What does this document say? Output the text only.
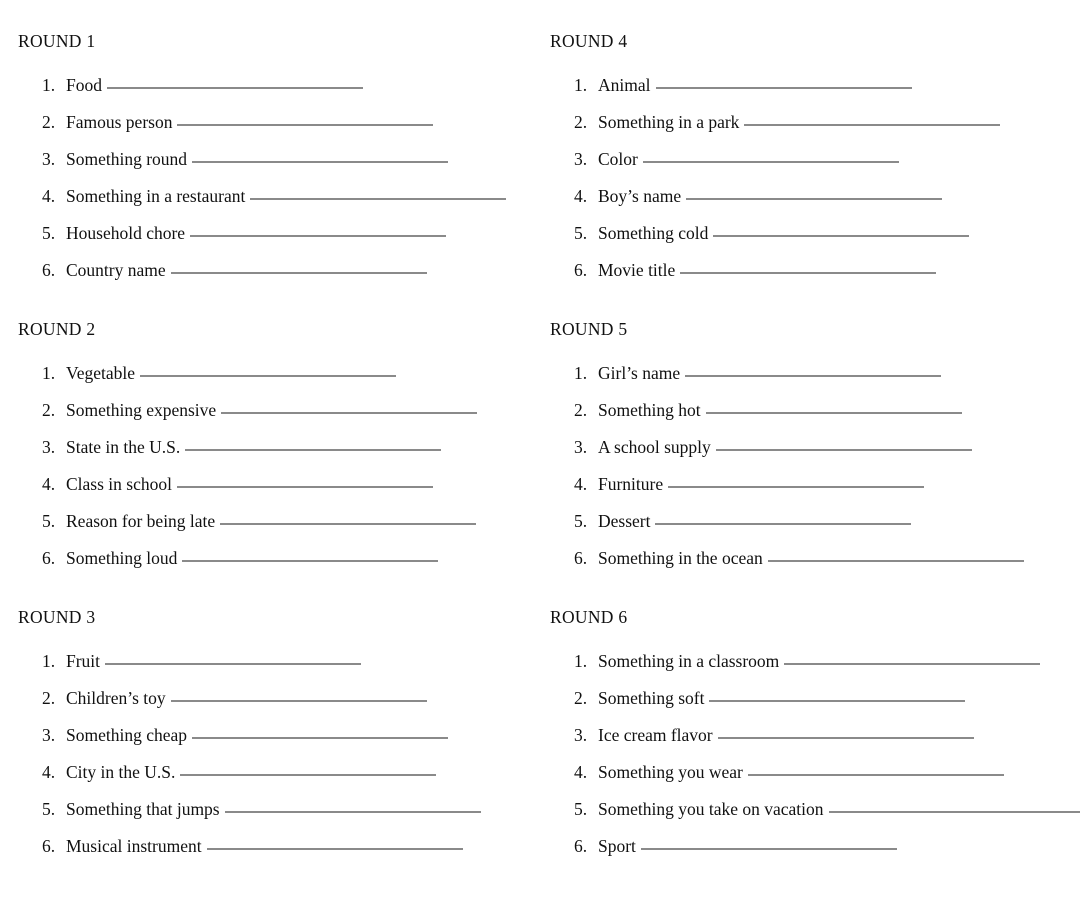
ROUND 1
1. Food
2. Famous person
3. Something round
4. Something in a restaurant
5. Household chore
6. Country name
ROUND 2
1. Vegetable
2. Something expensive
3. State in the U.S.
4. Class in school
5. Reason for being late
6. Something loud
ROUND 3
1. Fruit
2. Children’s toy
3. Something cheap
4. City in the U.S.
5. Something that jumps
6. Musical instrument
ROUND 4
1. Animal
2. Something in a park
3. Color
4. Boy’s name
5. Something cold
6. Movie title
ROUND 5
1. Girl’s name
2. Something hot
3. A school supply
4. Furniture
5. Dessert
6. Something in the ocean
ROUND 6
1. Something in a classroom
2. Something soft
3. Ice cream flavor
4. Something you wear
5. Something you take on vacation
6. Sport
